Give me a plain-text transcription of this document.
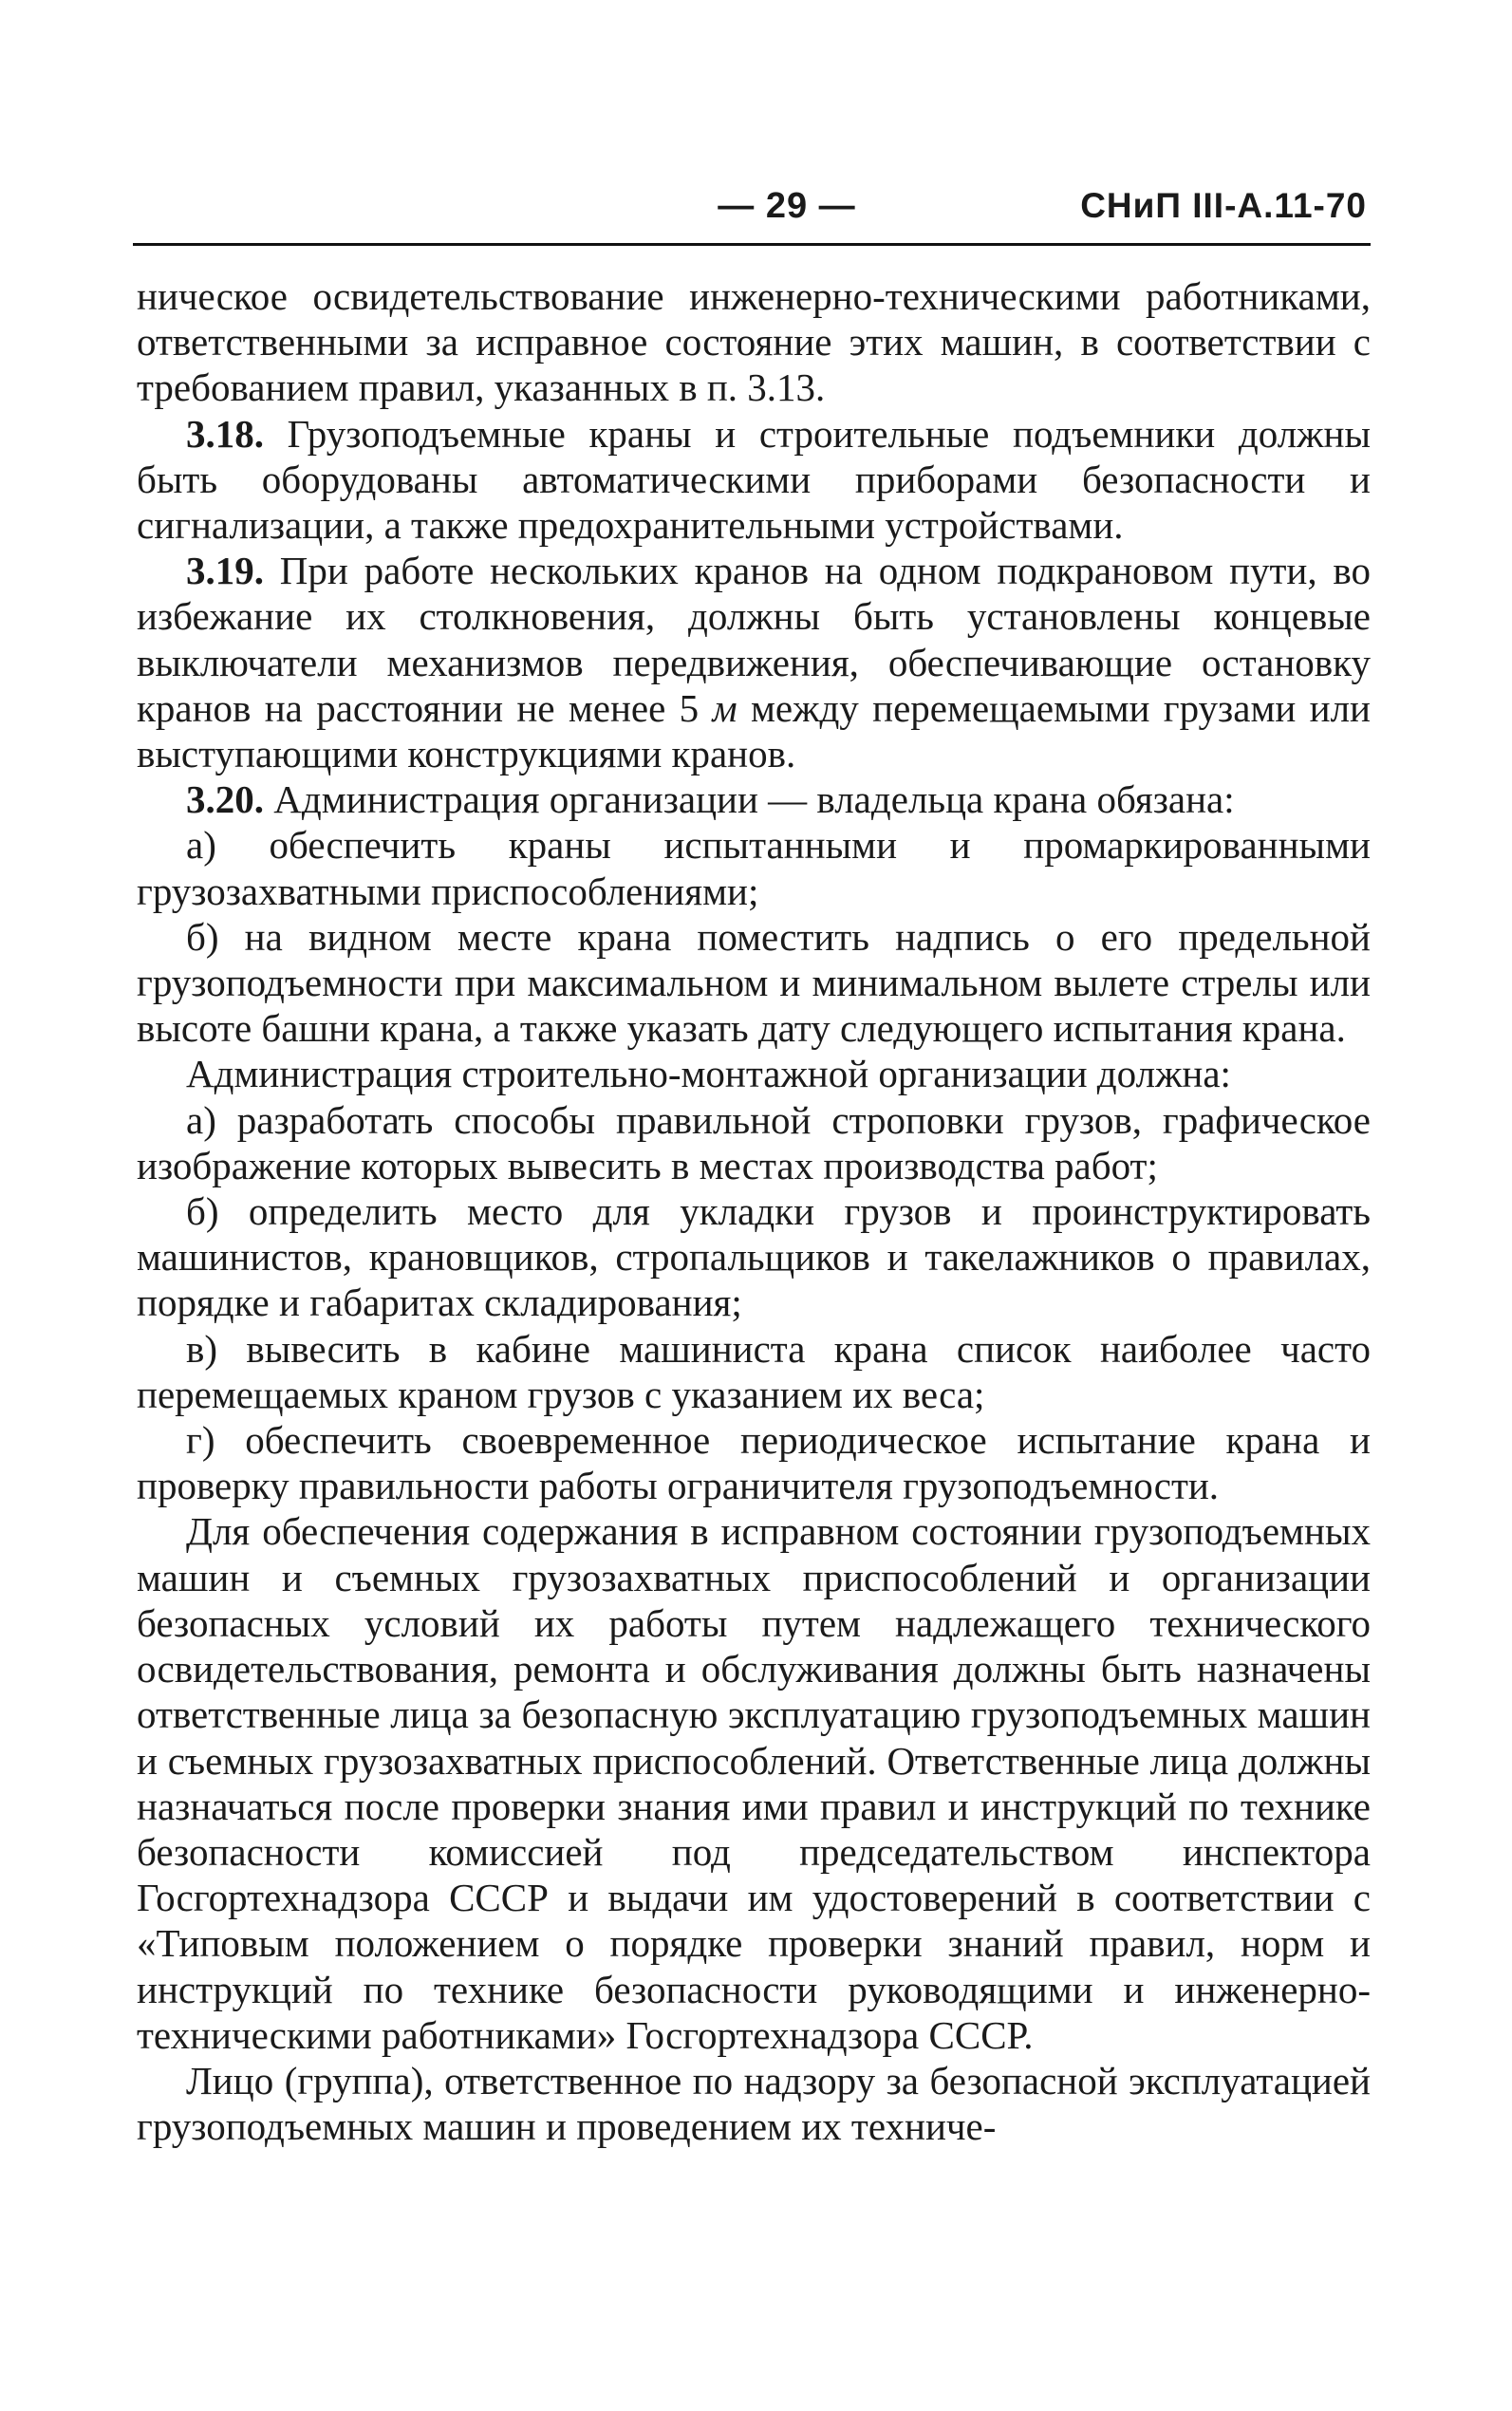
— 29 —	СНиП III-А.11-70

ническое освидетельствование инженерно-техническими работниками, ответственными за исправное состояние этих машин, в соответствии с требованием правил, указанных в п. 3.13.

3.18. Грузоподъемные краны и строительные подъемники должны быть оборудованы автоматическими приборами безопасности и сигнализации, а также предохранительными устройствами.

3.19. При работе нескольких кранов на одном подкрановом пути, во избежание их столкновения, должны быть установлены концевые выключатели механизмов передвижения, обеспечивающие остановку кранов на расстоянии не менее 5 м между перемещаемыми грузами или выступающими конструкциями кранов.

3.20. Администрация организации — владельца крана обязана:

а) обеспечить краны испытанными и промаркированными грузозахватными приспособлениями;

б) на видном месте крана поместить надпись о его предельной грузоподъемности при максимальном и минимальном вылете стрелы или высоте башни крана, а также указать дату следующего испытания крана.

Администрация строительно-монтажной организации должна:

а) разработать способы правильной строповки грузов, графическое изображение которых вывесить в местах производства работ;

б) определить место для укладки грузов и проинструктировать машинистов, крановщиков, стропальщиков и такелажников о правилах, порядке и габаритах складирования;

в) вывесить в кабине машиниста крана список наиболее часто перемещаемых краном грузов с указанием их веса;

г) обеспечить своевременное периодическое испытание крана и проверку правильности работы ограничителя грузоподъемности.

Для обеспечения содержания в исправном состоянии грузоподъемных машин и съемных грузозахватных приспособлений и организации безопасных условий их работы путем надлежащего технического освидетельствования, ремонта и обслуживания должны быть назначены ответственные лица за безопасную эксплуатацию грузоподъемных машин и съемных грузозахватных приспособлений. Ответственные лица должны назначаться после проверки знания ими правил и инструкций по технике безопасности комиссией под председательством инспектора Госгортехнадзора СССР и выдачи им удостоверений в соответствии с «Типовым положением о порядке проверки знаний правил, норм и инструкций по технике безопасности руководящими и инженерно-техническими работниками» Госгортехнадзора СССР.

Лицо (группа), ответственное по надзору за безопасной эксплуатацией грузоподъемных машин и проведением их техниче-
